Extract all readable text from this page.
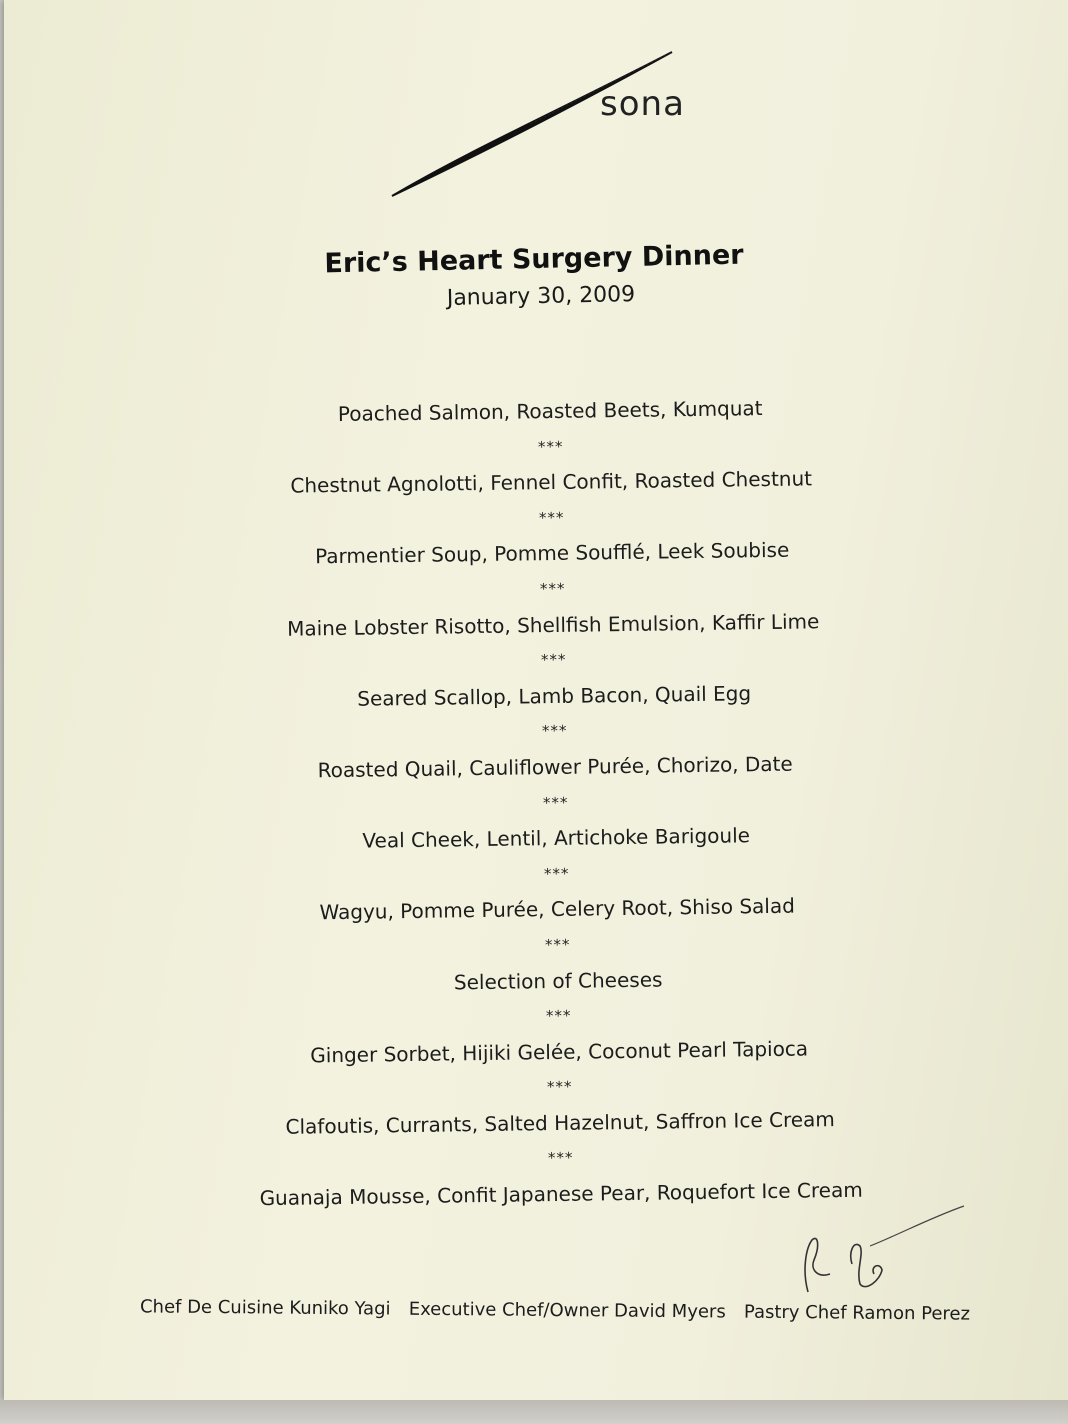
sona
Eric’s Heart Surgery Dinner
January 30, 2009
Poached Salmon, Roasted Beets, Kumquat
***
Chestnut Agnolotti, Fennel Confit, Roasted Chestnut
***
Parmentier Soup, Pomme Soufflé, Leek Soubise
***
Maine Lobster Risotto, Shellfish Emulsion, Kaffir Lime
***
Seared Scallop, Lamb Bacon, Quail Egg
***
Roasted Quail, Cauliflower Purée, Chorizo, Date
***
Veal Cheek, Lentil, Artichoke Barigoule
***
Wagyu, Pomme Purée, Celery Root, Shiso Salad
***
Selection of Cheeses
***
Ginger Sorbet, Hijiki Gelée, Coconut Pearl Tapioca
***
Clafoutis, Currants, Salted Hazelnut, Saffron Ice Cream
***
Guanaja Mousse, Confit Japanese Pear, Roquefort Ice Cream
Chef De Cuisine Kuniko Yagi Executive Chef/Owner David Myers Pastry Chef Ramon Perez
